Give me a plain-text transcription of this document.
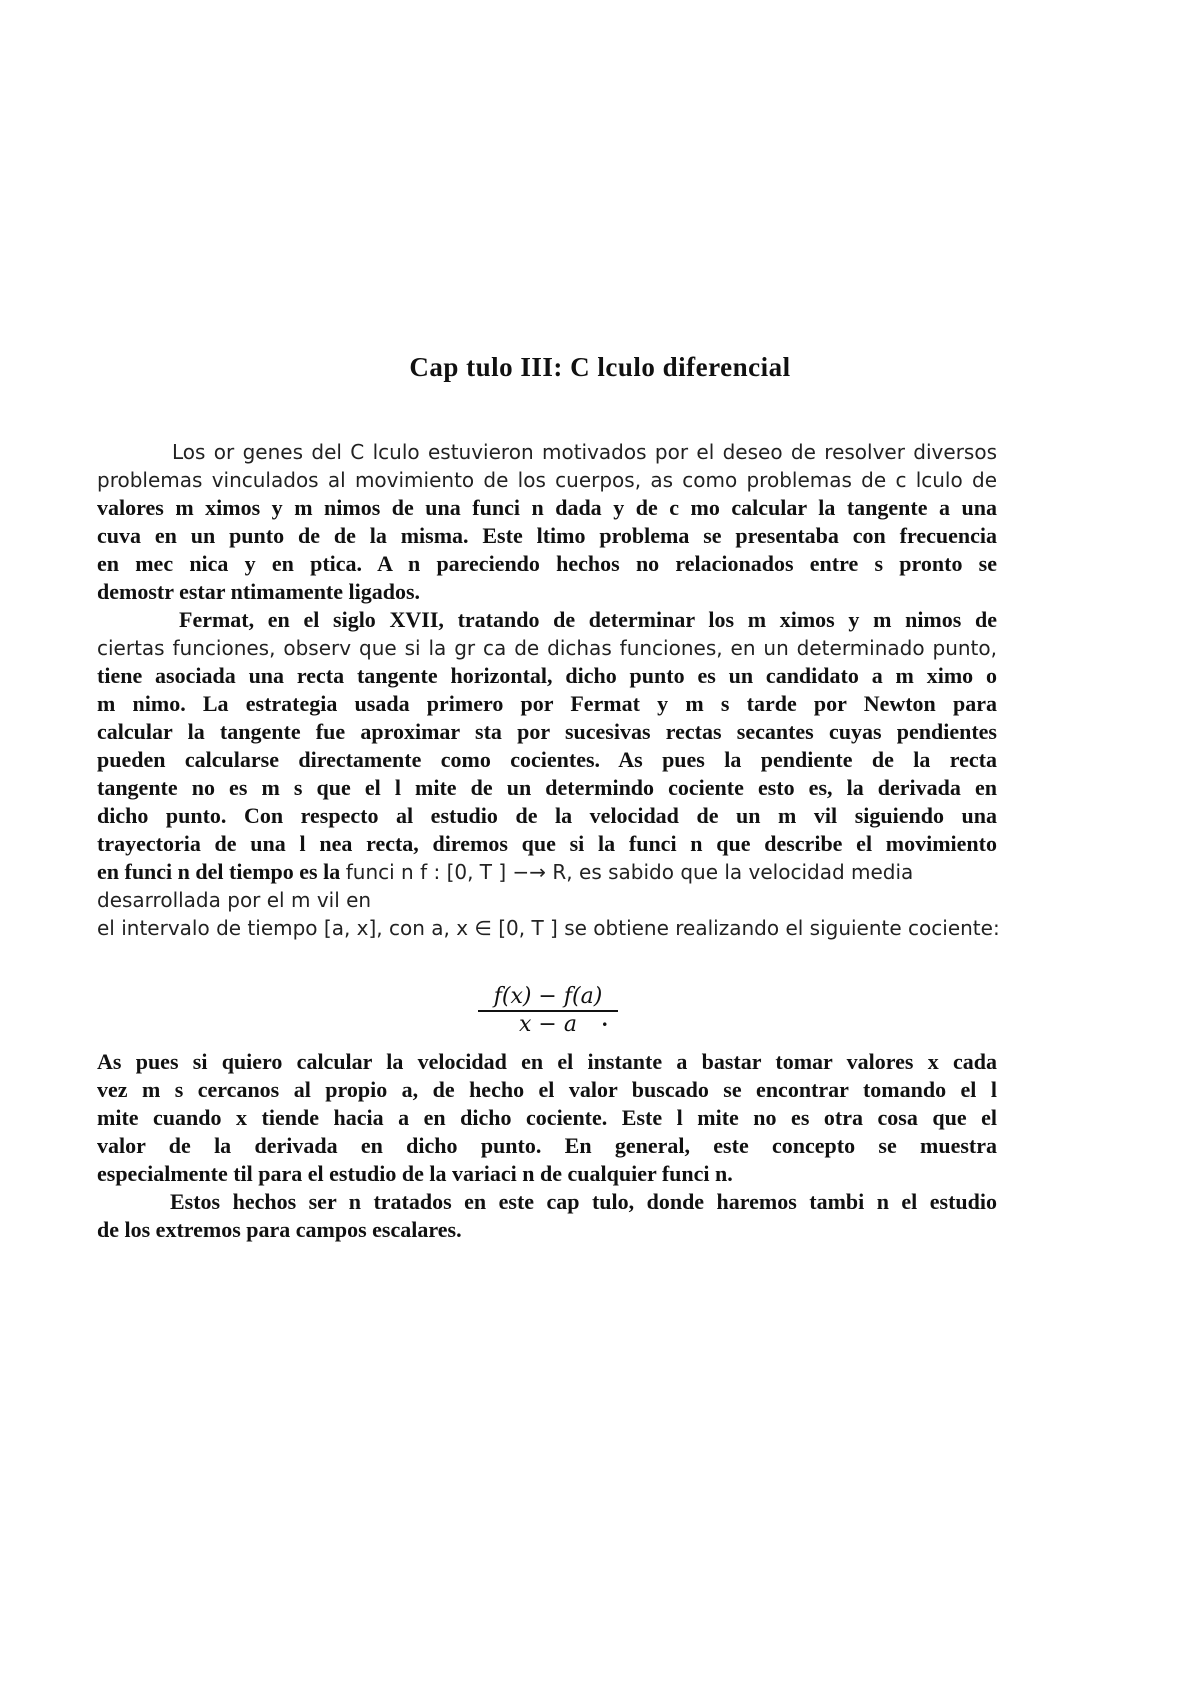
Cap tulo III: C lculo diferencial
Los or genes del C lculo estuvieron motivados por el deseo de resolver diversos
problemas vinculados al movimiento de los cuerpos, as como problemas de c lculo de
valores m ximos y m nimos de una funci n dada y de c mo calcular la tangente a una
cuva en un punto de de la misma. Este ltimo problema se presentaba con frecuencia
en mec nica y en ptica. A n pareciendo hechos no relacionados entre s pronto se
demostr estar ntimamente ligados.
Fermat, en el siglo XVII, tratando de determinar los m ximos y m nimos de
ciertas funciones, observ que si la gr ca de dichas funciones, en un determinado punto,
tiene asociada una recta tangente horizontal, dicho punto es un candidato a m ximo o
m nimo. La estrategia usada primero por Fermat y m s tarde por Newton para
calcular la tangente fue aproximar sta por sucesivas rectas secantes cuyas pendientes
pueden calcularse directamente como cocientes. As pues la pendiente de la recta
tangente no es m s que el l mite de un determindo cociente esto es, la derivada en
dicho punto. Con respecto al estudio de la velocidad de un m vil siguiendo una
trayectoria de una l nea recta, diremos que si la funci n que describe el movimiento
en funci n del tiempo es la funci n f : [0, T ] −→ R, es sabido que la velocidad media
desarrollada por el m vil en
el intervalo de tiempo [a, x], con a, x ∈ [0, T ] se obtiene realizando el siguiente cociente:
$\frac{f(x) - f(a)}{x - a}$
.
As pues si quiero calcular la velocidad en el instante a bastar tomar valores x cada
vez m s cercanos al propio a, de hecho el valor buscado se encontrar tomando el l
mite cuando x tiende hacia a en dicho cociente. Este l mite no es otra cosa que el
valor de la derivada en dicho punto. En general, este concepto se muestra
especialmente til para el estudio de la variaci n de cualquier funci n.
Estos hechos ser n tratados en este cap tulo, donde haremos tambi n el estudio
de los extremos para campos escalares.
